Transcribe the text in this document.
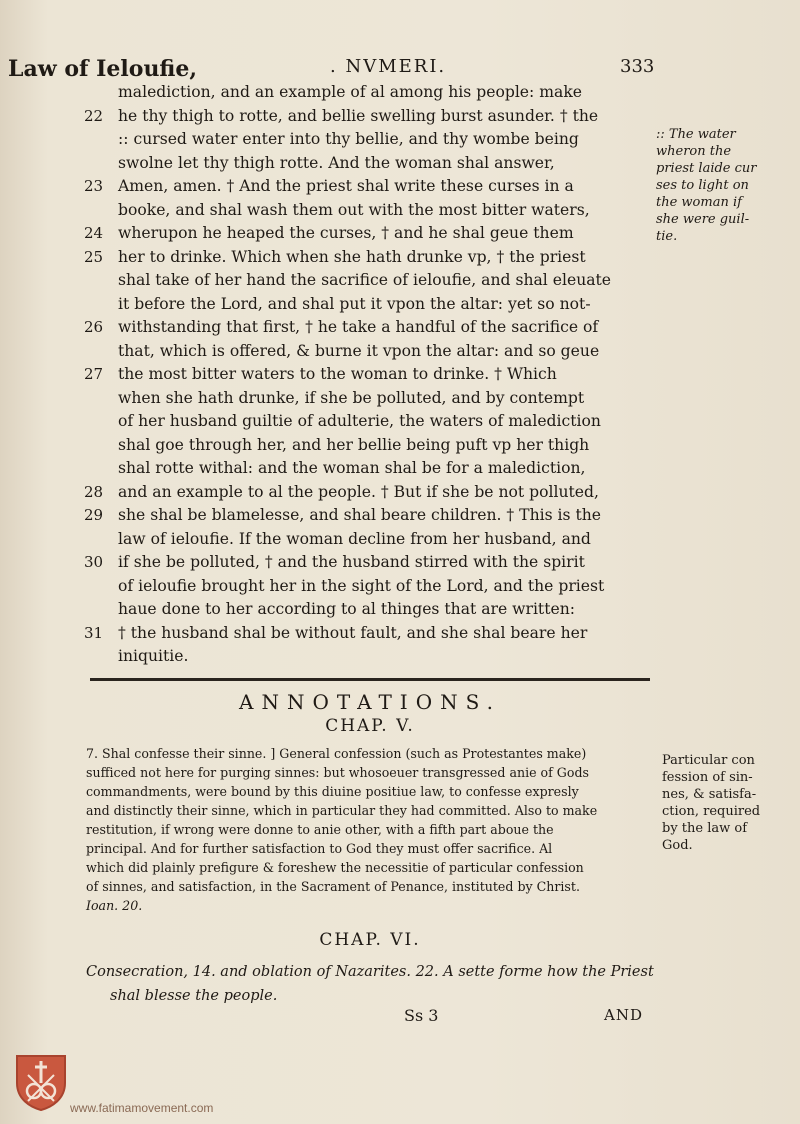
Law of Ieloufie,	. NVMERI.	333
malediction, and an example of al among his people: make
22 he thy thigh to rotte, and bellie swelling burst asunder. † the
:: cursed water enter into thy bellie, and thy wombe being
swolne let thy thigh rotte. And the woman shal answer,
23 Amen, amen. † And the priest shal write these curses in a
booke, and shal wash them out with the most bitter waters,
24 wherupon he heaped the curses, † and he shal geue them
25 her to drinke. Which when she hath drunke vp, † the priest
shal take of her hand the sacrifice of ieloufie, and shal eleuate
it before the Lord, and shal put it vpon the altar: yet so not-
26 withstanding that first, † he take a handful of the sacrifice of
that, which is offered, & burne it vpon the altar: and so geue
27 the most bitter waters to the woman to drinke. † Which
when she hath drunke, if she be polluted, and by contempt
of her husband guiltie of adulterie, the waters of malediction
shal goe through her, and her bellie being puft vp her thigh
shal rotte withal: and the woman shal be for a malediction,
28 and an example to al the people. † But if she be not polluted,
29 she shal be blamelesse, and shal beare children. † This is the
law of ieloufie. If the woman decline from her husband, and
30 if she be polluted, † and the husband stirred with the spirit
of ieloufie brought her in the sight of the Lord, and the priest
haue done to her according to al thinges that are written:
31 † the husband shal be without fault, and she shal beare her
iniquitie.
:: The water
wheron the
priest laide cur
ses to light on
the woman if
she were guil-
tie.
ANNOTATIONS.
CHAP. V.
7. Shal confesse their sinne. ] General confession (such as Protestantes make)
sufficed not here for purging sinnes: but whosoeuer transgressed anie of Gods
commandments, were bound by this diuine positiue law, to confesse expresly
and distinctly their sinne, which in particular they had committed. Also to make
restitution, if wrong were donne to anie other, with a fifth part aboue the
principal. And for further satisfaction to God they must offer sacrifice. Al
which did plainly prefigure & foreshew the necessitie of particular confession
of sinnes, and satisfaction, in the Sacrament of Penance, instituted by Christ.
Ioan. 20.
Particular con
fession of sin-
nes, & satisfa-
ction, required
by the law of
God.
CHAP. VI.
Consecration, 14. and oblation of Nazarites. 22. A sette forme how the Priest
shal blesse the people.
Ss 3	AND
www.fatimamovement.com
